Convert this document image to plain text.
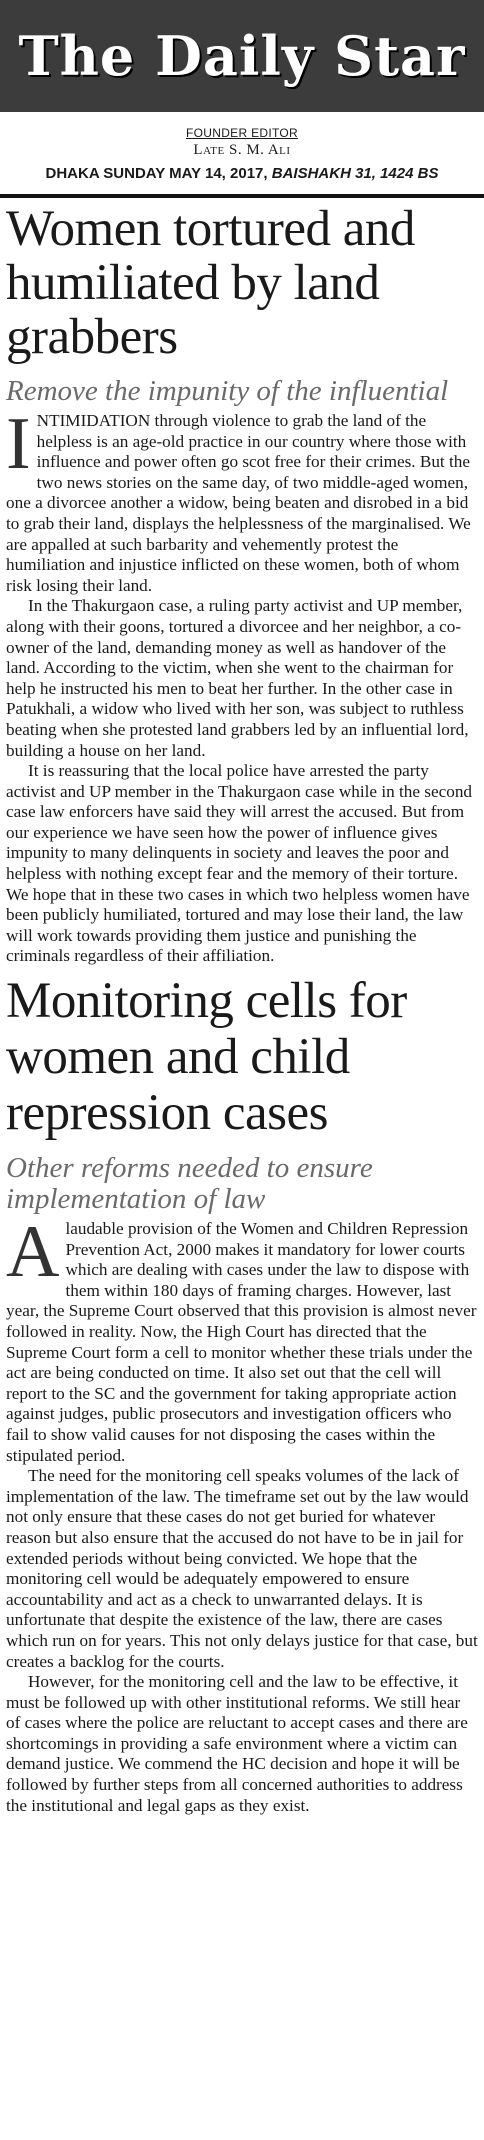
The Daily Star
FOUNDER EDITOR
Late S. M. Ali
DHAKA SUNDAY MAY 14, 2017, BAISHAKH 31, 1424 BS
Women tortured and humiliated by land grabbers
Remove the impunity of the influential

INTIMIDATION through violence to grab the land of the helpless is an age-old practice in our country where those with influence and power often go scot free for their crimes. But the two news stories on the same day, of two middle-aged women, one a divorcee another a widow, being beaten and disrobed in a bid to grab their land, displays the helplessness of the marginalised. We are appalled at such barbarity and vehemently protest the humiliation and injustice inflicted on these women, both of whom risk losing their land.

In the Thakurgaon case, a ruling party activist and UP member, along with their goons, tortured a divorcee and her neighbor, a co-owner of the land, demanding money as well as handover of the land. According to the victim, when she went to the chairman for help he instructed his men to beat her further. In the other case in Patukhali, a widow who lived with her son, was subject to ruthless beating when she protested land grabbers led by an influential lord, building a house on her land.

It is reassuring that the local police have arrested the party activist and UP member in the Thakurgaon case while in the second case law enforcers have said they will arrest the accused. But from our experience we have seen how the power of influence gives impunity to many delinquents in society and leaves the poor and helpless with nothing except fear and the memory of their torture. We hope that in these two cases in which two helpless women have been publicly humiliated, tortured and may lose their land, the law will work towards providing them justice and punishing the criminals regardless of their affiliation.

Monitoring cells for women and child repression cases
Other reforms needed to ensure implementation of law

Alaudable provision of the Women and Children Repression Prevention Act, 2000 makes it mandatory for lower courts which are dealing with cases under the law to dispose with them within 180 days of framing charges. However, last year, the Supreme Court observed that this provision is almost never followed in reality. Now, the High Court has directed that the Supreme Court form a cell to monitor whether these trials under the act are being conducted on time. It also set out that the cell will report to the SC and the government for taking appropriate action against judges, public prosecutors and investigation officers who fail to show valid causes for not disposing the cases within the stipulated period.

The need for the monitoring cell speaks volumes of the lack of implementation of the law. The timeframe set out by the law would not only ensure that these cases do not get buried for whatever reason but also ensure that the accused do not have to be in jail for extended periods without being convicted. We hope that the monitoring cell would be adequately empowered to ensure accountability and act as a check to unwarranted delays. It is unfortunate that despite the existence of the law, there are cases which run on for years. This not only delays justice for that case, but creates a backlog for the courts.

However, for the monitoring cell and the law to be effective, it must be followed up with other institutional reforms. We still hear of cases where the police are reluctant to accept cases and there are shortcomings in providing a safe environment where a victim can demand justice. We commend the HC decision and hope it will be followed by further steps from all concerned authorities to address the institutional and legal gaps as they exist.
